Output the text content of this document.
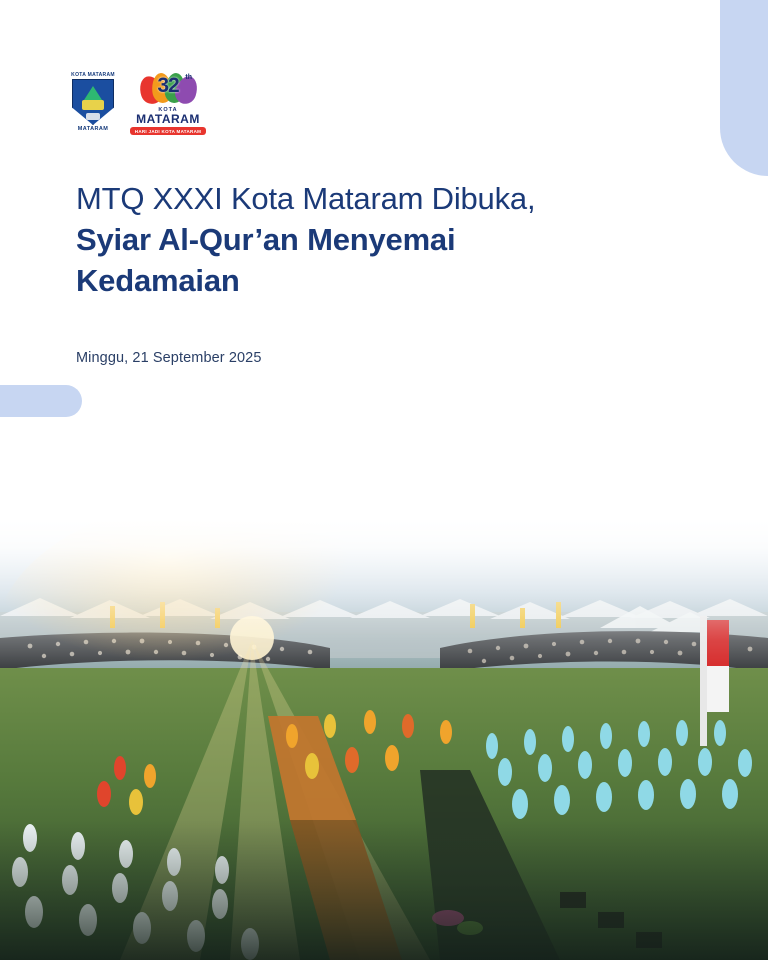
KOTA MATARAM
MATARAM
32 th
KOTA
MATARAM
HARI JADI KOTA MATARAM
MTQ XXXI Kota Mataram Dibuka,
Syiar Al-Qur’an Menyemai
Kedamaian
Minggu, 21 September 2025
